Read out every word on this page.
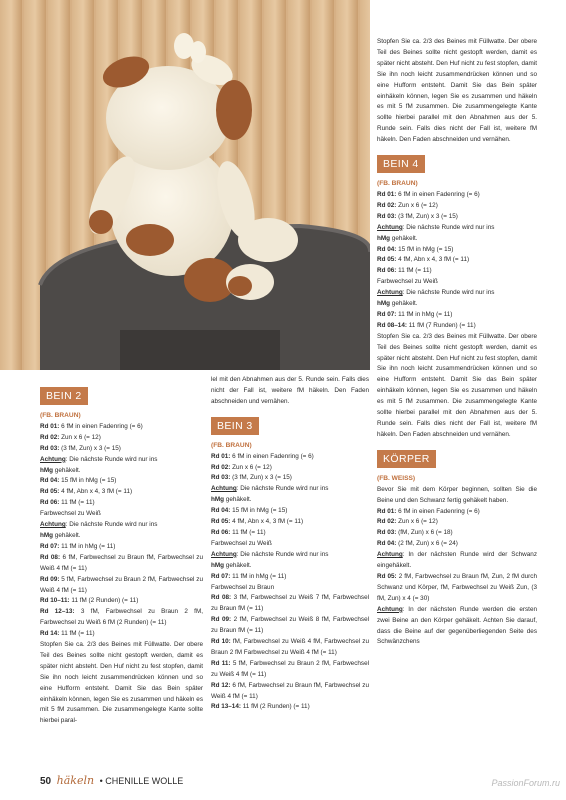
BEIN 2

(FB. BRAUN)

Rd 01: 6 fM in einen Fadenring (= 6)

Rd 02: Zun x 6 (= 12)

Rd 03: (3 fM, Zun) x 3 (= 15)

Achtung: Die nächste Runde wird nur ins

hMg gehäkelt.

Rd 04: 15 fM in hMg (= 15)

Rd 05: 4 fM, Abn x 4, 3 fM (= 11)

Rd 06: 11 fM (= 11)

Farbwechsel zu Weiß

Achtung: Die nächste Runde wird nur ins

hMg gehäkelt.

Rd 07: 11 fM in hMg (= 11)

Rd 08: 6 fM, Farbwechsel zu Braun fM, Farbwechsel zu Weiß 4 fM (= 11)

Rd 09: 5 fM, Farbwechsel zu Braun 2 fM, Farbwechsel zu Weiß 4 fM (= 11)

Rd 10–11: 11 fM (2 Runden) (= 11)

Rd 12–13: 3 fM, Farbwechsel zu Braun 2 fM, Farbwechsel zu Weiß 6 fM (2 Runden) (= 11)

Rd 14: 11 fM (= 11)

Stopfen Sie ca. 2/3 des Beines mit Füllwatte. Der obere Teil des Beines sollte nicht gestopft werden, damit es später nicht absteht. Den Huf nicht zu fest stopfen, damit Sie ihn noch leicht zusammendrücken können und so eine Hufform entsteht. Damit Sie das Bein später einhäkeln können, legen Sie es zusammen und häkeln es mit 5 fM zusammen. Die zusammengelegte Kante sollte hierbei paral-

lel mit den Abnahmen aus der 5. Runde sein. Falls dies nicht der Fall ist, weitere fM häkeln. Den Faden abschneiden und vernähen.

BEIN 3

(FB. BRAUN)

Rd 01: 6 fM in einen Fadenring (= 6)

Rd 02: Zun x 6 (= 12)

Rd 03: (3 fM, Zun) x 3 (= 15)

Achtung: Die nächste Runde wird nur ins

hMg gehäkelt.

Rd 04: 15 fM in hMg (= 15)

Rd 05: 4 fM, Abn x 4, 3 fM (= 11)

Rd 06: 11 fM (= 11)

Farbwechsel zu Weiß

Achtung: Die nächste Runde wird nur ins

hMg gehäkelt.

Rd 07: 11 fM in hMg (= 11)

Farbwechsel zu Braun

Rd 08: 3 fM, Farbwechsel zu Weiß 7 fM, Farbwechsel zu Braun fM (= 11)

Rd 09: 2 fM, Farbwechsel zu Weiß 8 fM, Farbwechsel zu Braun fM (= 11)

Rd 10: fM, Farbwechsel zu Weiß 4 fM, Farbwechsel zu Braun 2 fM Farbwechsel zu Weiß 4 fM (= 11)

Rd 11: 5 fM, Farbwechsel zu Braun 2 fM, Farbwechsel zu Weiß 4 fM (= 11)

Rd 12: 6 fM, Farbwechsel zu Braun fM, Farbwechsel zu Weiß 4 fM (= 11)

Rd 13–14: 11 fM (2 Runden) (= 11)

Stopfen Sie ca. 2/3 des Beines mit Füllwatte. Der obere Teil des Beines sollte nicht gestopft werden, damit es später nicht absteht. Den Huf nicht zu fest stopfen, damit Sie ihn noch leicht zusammendrücken können und so eine Hufform entsteht. Damit Sie das Bein später einhäkeln können, legen Sie es zusammen und häkeln es mit 5 fM zusammen. Die zusammengelegte Kante sollte hierbei parallel mit den Abnahmen aus der 5. Runde sein. Falls dies nicht der Fall ist, weitere fM häkeln. Den Faden abschneiden und vernähen.

BEIN 4

(FB. BRAUN)

Rd 01: 6 fM in einen Fadenring (= 6)

Rd 02: Zun x 6 (= 12)

Rd 03: (3 fM, Zun) x 3 (= 15)

Achtung: Die nächste Runde wird nur ins

hMg gehäkelt.

Rd 04: 15 fM in hMg (= 15)

Rd 05: 4 fM, Abn x 4, 3 fM (= 11)

Rd 06: 11 fM (= 11)

Farbwechsel zu Weiß

Achtung: Die nächste Runde wird nur ins

hMg gehäkelt.

Rd 07: 11 fM in hMg (= 11)

Rd 08–14: 11 fM (7 Runden) (= 11)

Stopfen Sie ca. 2/3 des Beines mit Füllwatte. Der obere Teil des Beines sollte nicht gestopft werden, damit es später nicht absteht. Den Huf nicht zu fest stopfen, damit Sie ihn noch leicht zusammendrücken können und so eine Hufform entsteht. Damit Sie das Bein später einhäkeln können, legen Sie es zusammen und häkeln es mit 5 fM zusammen. Die zusammengelegte Kante sollte hierbei parallel mit den Abnahmen aus der 5. Runde sein. Falls dies nicht der Fall ist, weitere fM häkeln. Den Faden abschneiden und vernähen.

KÖRPER

(FB. WEISS)

Bevor Sie mit dem Körper beginnen, sollten Sie die Beine und den Schwanz fertig gehäkelt haben.

Rd 01: 6 fM in einen Fadenring (= 6)

Rd 02: Zun x 6 (= 12)

Rd 03: (fM, Zun) x 6 (= 18)

Rd 04: (2 fM, Zun) x 6 (= 24)

Achtung: In der nächsten Runde wird der Schwanz eingehäkelt.

Rd 05: 2 fM, Farbwechsel zu Braun fM, Zun, 2 fM durch Schwanz und Körper, fM, Farbwechsel zu Weiß Zun, (3 fM, Zun) x 4 (= 30)

Achtung: In der nächsten Runde werden die ersten zwei Beine an den Körper gehäkelt. Achten Sie darauf, dass die Beine auf der gegenüberliegenden Seite des Schwänzchens

50 häkeln • CHENILLE WOLLE	PassionForum.ru
